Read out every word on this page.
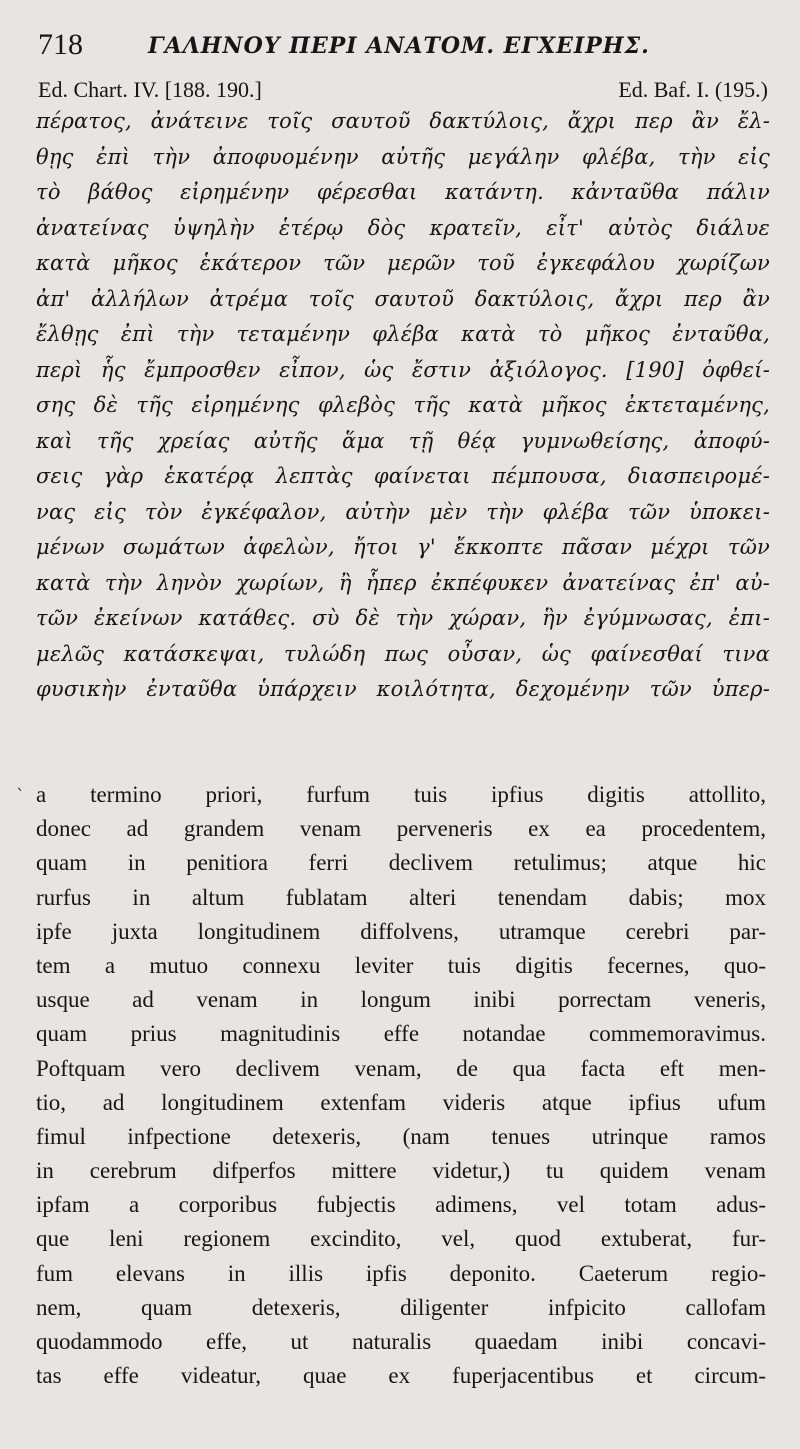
718	ΓΑΛΗΝΟΥ ΠΕΡΙ ΑΝΑΤΟΜ. ΕΓΧΕΙΡΗΣ.
Ed. Chart. IV. [188. 190.]	Ed. Baf. I. (195.)
πέρατος, ἀνάτεινε τοῖς σαυτοῦ δακτύλοις, ἄχρι περ ἂν ἔλ-
θῃς ἐπὶ τὴν ἀποφυομένην αὐτῆς μεγάλην φλέβα, τὴν εἰς
τὸ βάθος εἰρημένην φέρεσθαι κατάντη. κἀνταῦθα πάλιν
ἀνατείνας ὑψηλὴν ἑτέρῳ δὸς κρατεῖν, εἶτ' αὐτὸς διάλυε
κατὰ μῆκος ἑκάτερον τῶν μερῶν τοῦ ἐγκεφάλου χωρίζων
ἀπ' ἀλλήλων ἀτρέμα τοῖς σαυτοῦ δακτύλοις, ἄχρι περ ἂν
ἔλθῃς ἐπὶ τὴν τεταμένην φλέβα κατὰ τὸ μῆκος ἐνταῦθα,
περὶ ἧς ἔμπροσθεν εἶπον, ὡς ἔστιν ἀξιόλογος. [190] ὀφθεί-
σης δὲ τῆς εἰρημένης φλεβὸς τῆς κατὰ μῆκος ἐκτεταμένης,
καὶ τῆς χρείας αὐτῆς ἅμα τῇ θέᾳ γυμνωθείσης, ἀποφύ-
σεις γὰρ ἑκατέρᾳ λεπτὰς φαίνεται πέμπουσα, διασπειρομέ-
νας εἰς τὸν ἐγκέφαλον, αὐτὴν μὲν τὴν φλέβα τῶν ὑποκει-
μένων σωμάτων ἀφελὼν, ἤτοι γ' ἔκκοπτε πᾶσαν μέχρι τῶν
κατὰ τὴν ληνὸν χωρίων, ἢ ἧπερ ἐκπέφυκεν ἀνατείνας ἐπ' αὐ-
τῶν ἐκείνων κατάθες. σὺ δὲ τὴν χώραν, ἣν ἐγύμνωσας, ἐπι-
μελῶς κατάσκεψαι, τυλώδη πως οὖσαν, ὡς φαίνεσθαί τινα
φυσικὴν ἐνταῦθα ὑπάρχειν κοιλότητα, δεχομένην τῶν ὑπερ-
` a termino priori, furfum tuis ipfius digitis attollito,
donec ad grandem venam perveneris ex ea procedentem,
quam in penitiora ferri declivem retulimus; atque hic
rurfus in altum fublatam alteri tenendam dabis; mox
ipfe juxta longitudinem diffolvens, utramque cerebri par-
tem a mutuo connexu leviter tuis digitis fecernes, quo-
usque ad venam in longum inibi porrectam veneris,
quam prius magnitudinis effe notandae commemoravimus.
Poftquam vero declivem venam, de qua facta eft men-
tio, ad longitudinem extenfam videris atque ipfius ufum
fimul infpectione detexeris, (nam tenues utrinque ramos
in cerebrum difperfos mittere videtur,) tu quidem venam
ipfam a corporibus fubjectis adimens, vel totam adus-
que leni regionem excindito, vel, quod extuberat, fur-
fum elevans in illis ipfis deponito. Caeterum regio-
nem, quam detexeris, diligenter infpicito callofam
quodammodo effe, ut naturalis quaedam inibi concavi-
tas effe videatur, quae ex fuperjacentibus et circum-
